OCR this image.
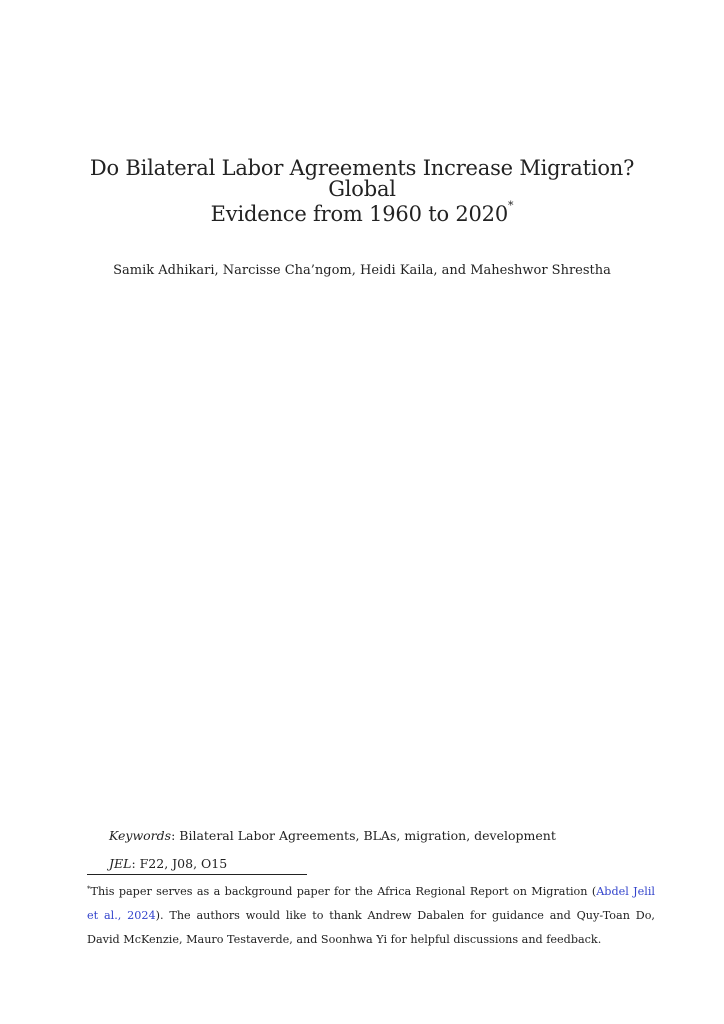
Do Bilateral Labor Agreements Increase Migration? Global
Evidence from 1960 to 2020*
Samik Adhikari, Narcisse Cha’ngom, Heidi Kaila, and Maheshwor Shrestha
Keywords: Bilateral Labor Agreements, BLAs, migration, development
JEL: F22, J08, O15
*This paper serves as a background paper for the Africa Regional Report on Migration (Abdel Jelil et al., 2024). The authors would like to thank Andrew Dabalen for guidance and Quy-Toan Do, David McKenzie, Mauro Testaverde, and Soonhwa Yi for helpful discussions and feedback.
